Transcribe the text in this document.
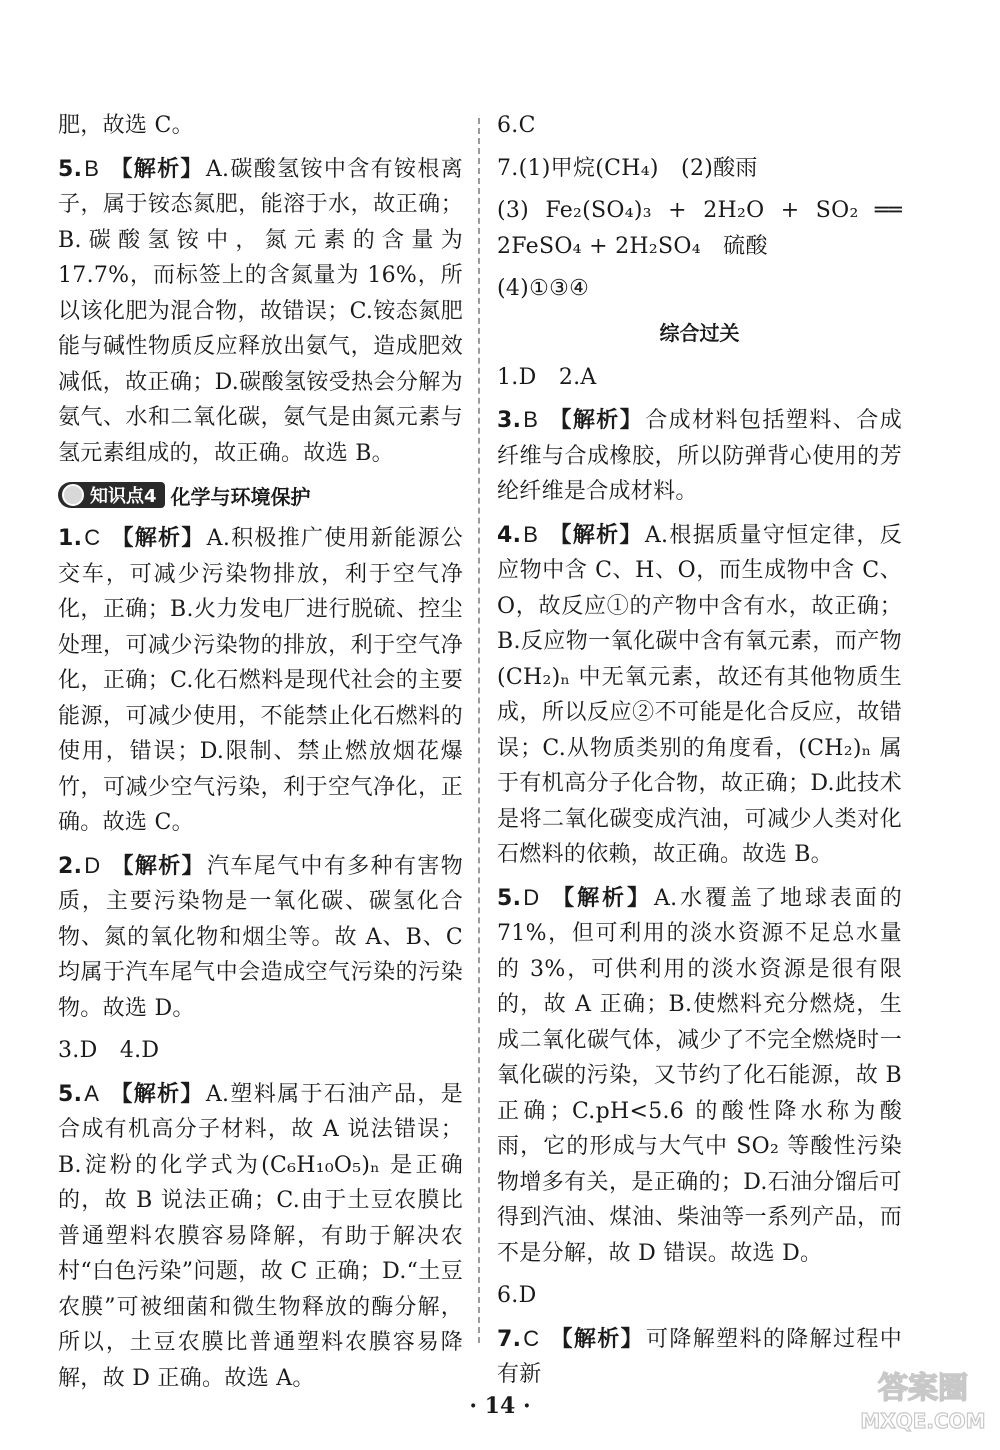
肥，故选 C。

5.B 【解析】A.碳酸氢铵中含有铵根离子，属于铵态氮肥，能溶于水，故正确；B.碳酸氢铵中，氮元素的含量为 17.7%，而标签上的含氮量为 16%，所以该化肥为混合物，故错误；C.铵态氮肥能与碱性物质反应释放出氨气，造成肥效减低，故正确；D.碳酸氢铵受热会分解为氨气、水和二氧化碳，氨气是由氮元素与氢元素组成的，故正确。故选 B。

知识点4 化学与环境保护

1.C 【解析】A.积极推广使用新能源公交车，可减少污染物排放，利于空气净化，正确；B.火力发电厂进行脱硫、控尘处理，可减少污染物的排放，利于空气净化，正确；C.化石燃料是现代社会的主要能源，可减少使用，不能禁止化石燃料的使用，错误；D.限制、禁止燃放烟花爆竹，可减少空气污染，利于空气净化，正确。故选 C。

2.D 【解析】汽车尾气中有多种有害物质，主要污染物是一氧化碳、碳氢化合物、氮的氧化物和烟尘等。故 A、B、C 均属于汽车尾气中会造成空气污染的污染物。故选 D。

3.D　4.D

5.A 【解析】A.塑料属于石油产品，是合成有机高分子材料，故 A 说法错误；B.淀粉的化学式为(C₆H₁₀O₅)ₙ 是正确的，故 B 说法正确；C.由于土豆农膜比普通塑料农膜容易降解，有助于解决农村“白色污染”问题，故 C 正确；D.“土豆农膜”可被细菌和微生物释放的酶分解，所以，土豆农膜比普通塑料农膜容易降解，故 D 正确。故选 A。

6.C

7.(1)甲烷(CH₄)　(2)酸雨

(3) Fe₂(SO₄)₃ + 2H₂O + SO₂ ══ 2FeSO₄ + 2H₂SO₄　硫酸

(4)①③④

综合过关

1.D　2.A

3.B 【解析】合成材料包括塑料、合成纤维与合成橡胶，所以防弹背心使用的芳纶纤维是合成材料。

4.B 【解析】A.根据质量守恒定律，反应物中含 C、H、O，而生成物中含 C、O，故反应①的产物中含有水，故正确；B.反应物一氧化碳中含有氧元素，而产物(CH₂)ₙ 中无氧元素，故还有其他物质生成，所以反应②不可能是化合反应，故错误；C.从物质类别的角度看，(CH₂)ₙ 属于有机高分子化合物，故正确；D.此技术是将二氧化碳变成汽油，可减少人类对化石燃料的依赖，故正确。故选 B。

5.D 【解析】A.水覆盖了地球表面的 71%，但可利用的淡水资源不足总水量的 3%，可供利用的淡水资源是很有限的，故 A 正确；B.使燃料充分燃烧，生成二氧化碳气体，减少了不完全燃烧时一氧化碳的污染，又节约了化石能源，故 B 正确；C.pH<5.6 的酸性降水称为酸雨，它的形成与大气中 SO₂ 等酸性污染物增多有关，是正确的；D.石油分馏后可得到汽油、煤油、柴油等一系列产品，而不是分解，故 D 错误。故选 D。

6.D

7.C 【解析】可降解塑料的降解过程中有新

· 14 ·	答案圈
MXQE.COM
